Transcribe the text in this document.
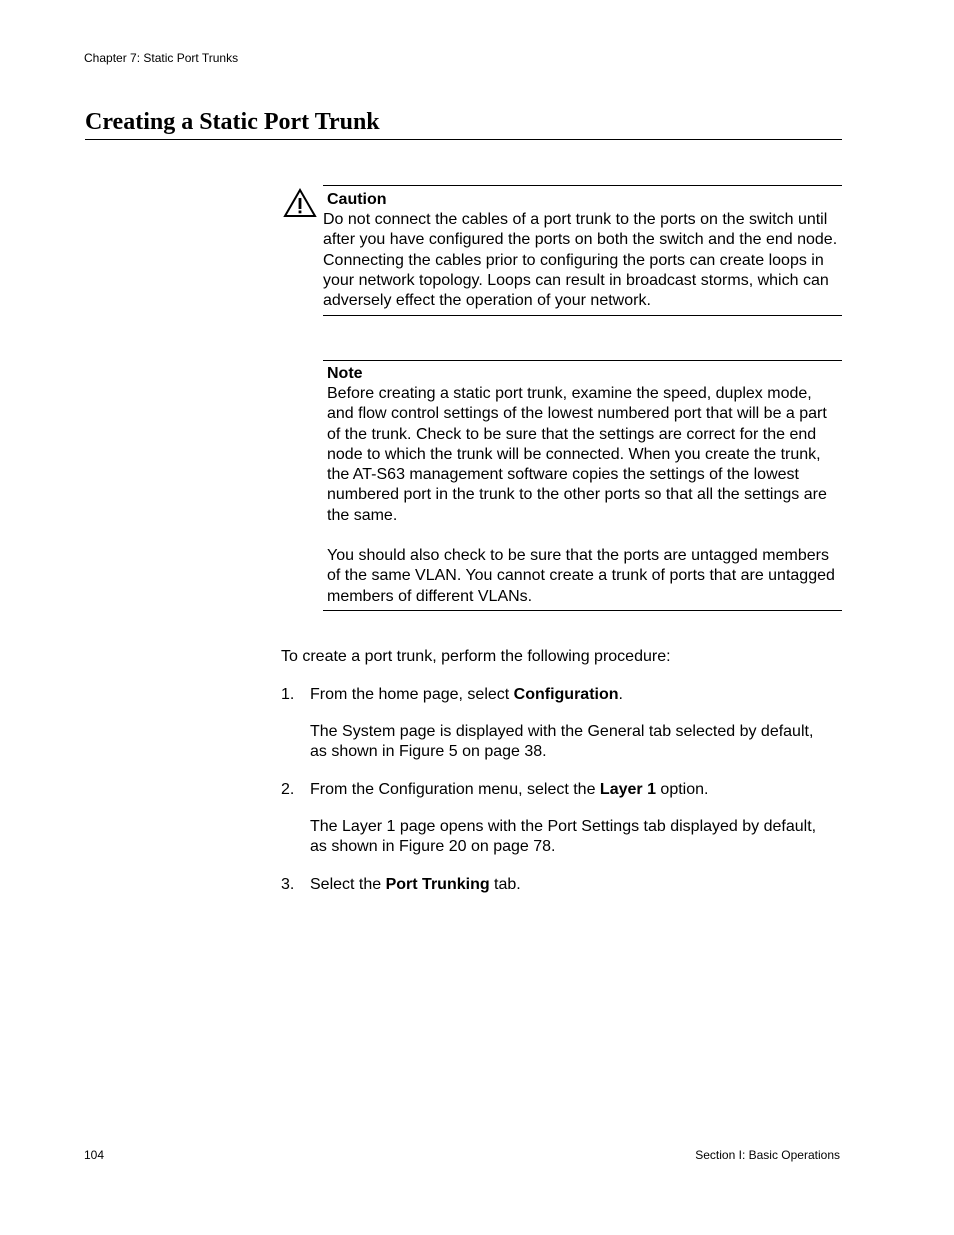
Chapter 7: Static Port Trunks
Creating a Static Port Trunk
Caution
Do not connect the cables of a port trunk to the ports on the switch until after you have configured the ports on both the switch and the end node. Connecting the cables prior to configuring the ports can create loops in your network topology. Loops can result in broadcast storms, which can adversely effect the operation of your network.
Note
Before creating a static port trunk, examine the speed, duplex mode, and flow control settings of the lowest numbered port that will be a part of the trunk. Check to be sure that the settings are correct for the end node to which the trunk will be connected. When you create the trunk, the AT-S63 management software copies the settings of the lowest numbered port in the trunk to the other ports so that all the settings are the same.
You should also check to be sure that the ports are untagged members of the same VLAN. You cannot create a trunk of ports that are untagged members of different VLANs.
To create a port trunk, perform the following procedure:
1. From the home page, select Configuration.
The System page is displayed with the General tab selected by default, as shown in Figure 5 on page 38.
2. From the Configuration menu, select the Layer 1 option.
The Layer 1 page opens with the Port Settings tab displayed by default, as shown in Figure 20 on page 78.
3. Select the Port Trunking tab.
104	Section I: Basic Operations
